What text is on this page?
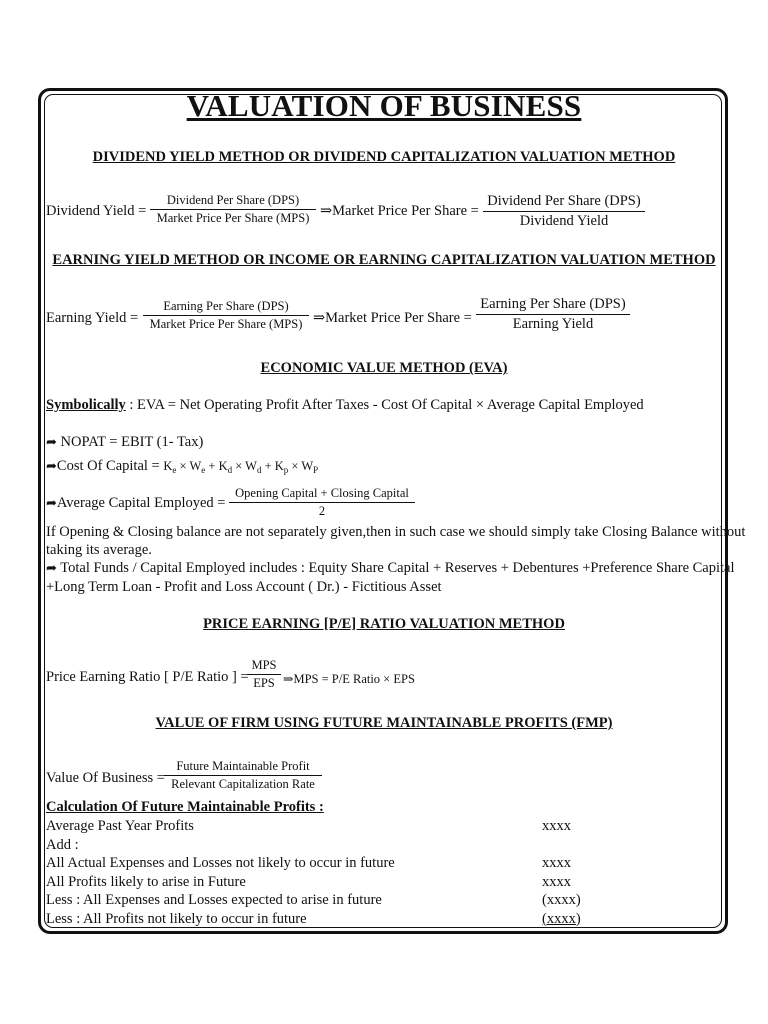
VALUATION OF BUSINESS
DIVIDEND YIELD METHOD OR DIVIDEND CAPITALIZATION VALUATION METHOD
Dividend Yield =
Dividend Per Share (DPS)
Market Price Per Share (MPS) ⇒Market Price Per Share =
Dividend Per Share (DPS)
Dividend Yield
EARNING YIELD METHOD OR INCOME OR EARNING CAPITALIZATION VALUATION METHOD
Earning Yield =
Earning Per Share (DPS)
Market Price Per Share (MPS) ⇒Market Price Per Share =
Earning Per Share (DPS)
Earning Yield
ECONOMIC VALUE METHOD (EVA)
Symbolically : EVA = Net Operating Profit After Taxes - Cost Of Capital × Average Capital Employed
➦ NOPAT = EBIT (1- Tax)
➦Cost Of Capital = $K_e \times W_e + K_d \times W_d + K_p \times W_P$
➦Average Capital Employed =
Opening Capital + Closing Capital
2
If Opening & Closing balance are not separately given,then in such case we should simply take Closing Balance without
taking its average.
➦ Total Funds / Capital Employed includes : Equity Share Capital + Reserves + Debentures +Preference Share Capital
+Long Term Loan - Profit and Loss Account ( Dr.) - Fictitious Asset
PRICE EARNING [P/E] RATIO VALUATION METHOD
Price Earning Ratio [ P/E Ratio ] =
MPS
EPS ⇒MPS = P/E Ratio × EPS
VALUE OF FIRM USING FUTURE MAINTAINABLE PROFITS (FMP)
Value Of Business =
Future Maintainable Profit
Relevant Capitalization Rate
Calculation Of Future Maintainable Profits :
Average Past Year Profits	xxxx
Add :
All Actual Expenses and Losses not likely to occur in future	xxxx
All Profits likely to arise in Future	xxxx
Less : All Expenses and Losses expected to arise in future	(xxxx)
Less : All Profits not likely to occur in future	(xxxx)
